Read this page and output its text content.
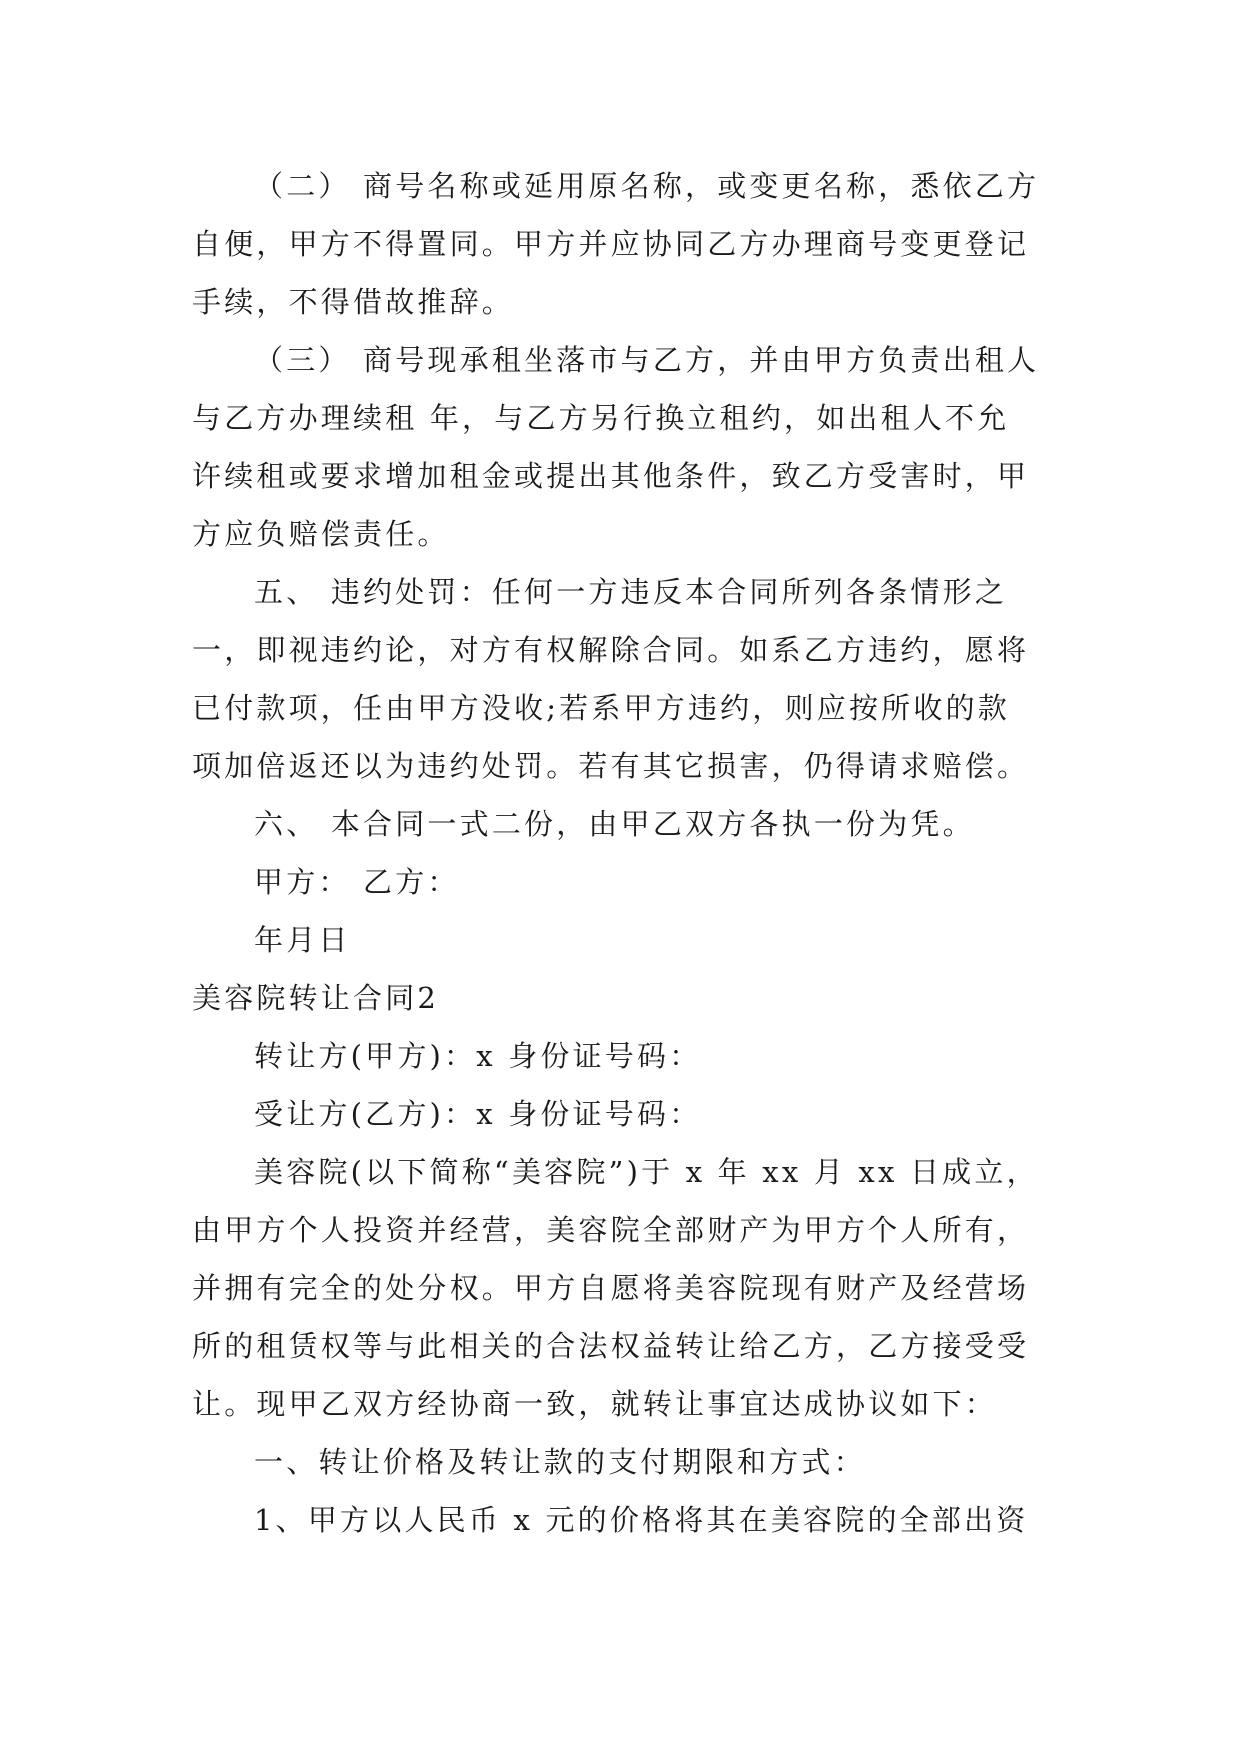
（二） 商号名称或延用原名称，或变更名称，悉依乙方
自便，甲方不得置同。甲方并应协同乙方办理商号变更登记
手续，不得借故推辞。
（三） 商号现承租坐落市与乙方，并由甲方负责出租人
与乙方办理续租 年，与乙方另行换立租约，如出租人不允
许续租或要求增加租金或提出其他条件，致乙方受害时，甲
方应负赔偿责任。
五、 违约处罚：任何一方违反本合同所列各条情形之
一，即视违约论，对方有权解除合同。如系乙方违约，愿将
已付款项，任由甲方没收;若系甲方违约，则应按所收的款
项加倍返还以为违约处罚。若有其它损害，仍得请求赔偿。
六、 本合同一式二份，由甲乙双方各执一份为凭。
甲方： 乙方：
年月日
美容院转让合同2
转让方(甲方)：x 身份证号码：
受让方(乙方)：x 身份证号码：
美容院(以下简称“美容院”)于 x 年 xx 月 xx 日成立，
由甲方个人投资并经营，美容院全部财产为甲方个人所有，
并拥有完全的处分权。甲方自愿将美容院现有财产及经营场
所的租赁权等与此相关的合法权益转让给乙方，乙方接受受
让。现甲乙双方经协商一致，就转让事宜达成协议如下：
一、转让价格及转让款的支付期限和方式：
1、甲方以人民币 x 元的价格将其在美容院的全部出资
